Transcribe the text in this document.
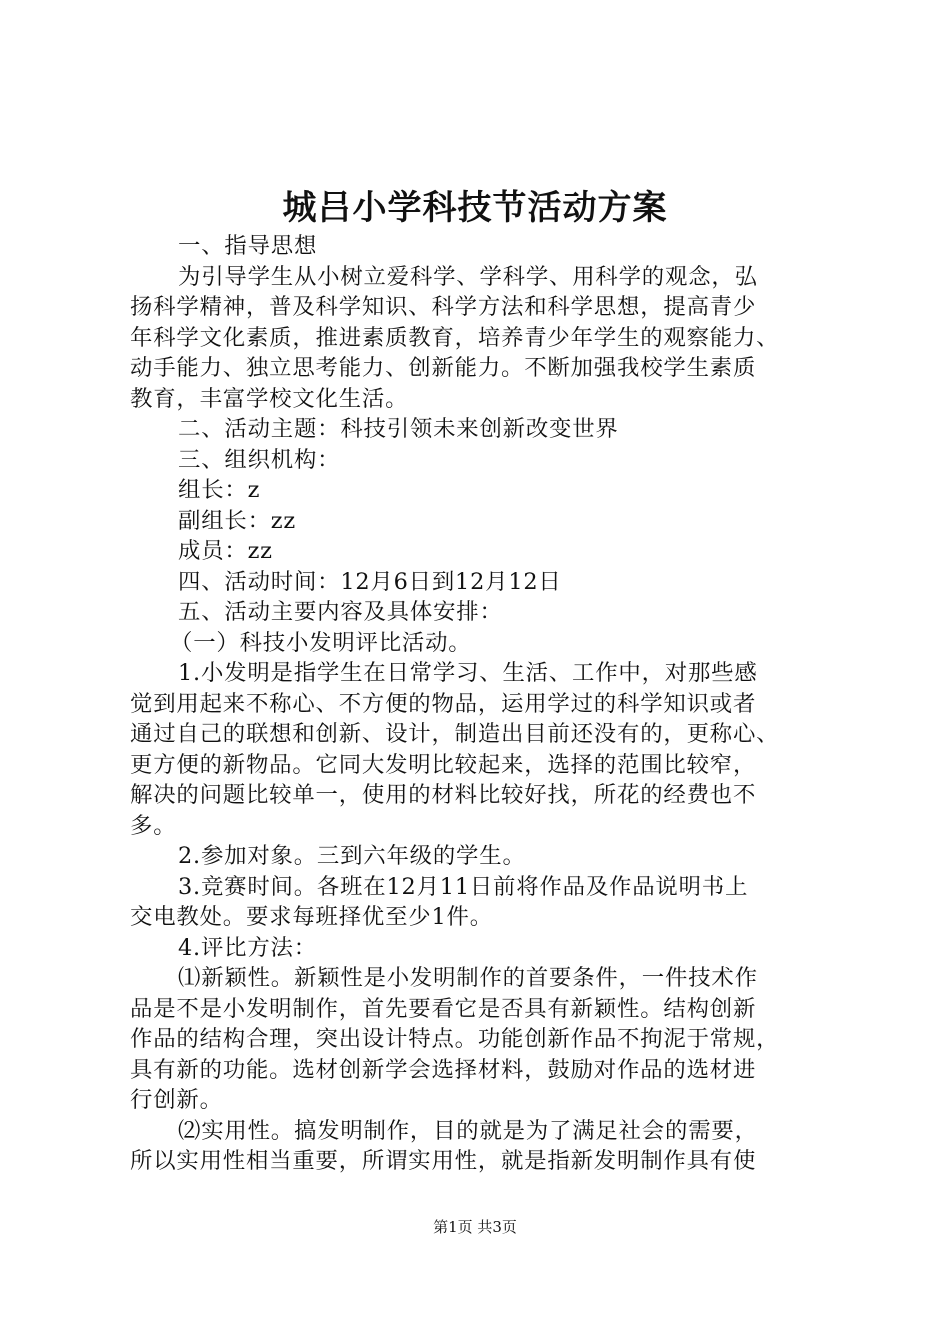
城吕小学科技节活动方案

一、指导思想

为引导学生从小树立爱科学、学科学、用科学的观念，弘

扬科学精神，普及科学知识、科学方法和科学思想，提高青少

年科学文化素质，推进素质教育，培养青少年学生的观察能力、

动手能力、独立思考能力、创新能力。不断加强我校学生素质

教育，丰富学校文化生活。

二、活动主题：科技引领未来创新改变世界

三、组织机构：

组长：z

副组长：zz

成员：zz

四、活动时间：12月6日到12月12日

五、活动主要内容及具体安排：

（一）科技小发明评比活动。

1.小发明是指学生在日常学习、生活、工作中，对那些感

觉到用起来不称心、不方便的物品，运用学过的科学知识或者

通过自己的联想和创新、设计，制造出目前还没有的，更称心、

更方便的新物品。它同大发明比较起来，选择的范围比较窄，

解决的问题比较单一，使用的材料比较好找，所花的经费也不

多。

2.参加对象。三到六年级的学生。

3.竞赛时间。各班在12月11日前将作品及作品说明书上

交电教处。要求每班择优至少1件。

4.评比方法：

⑴新颖性。新颖性是小发明制作的首要条件，一件技术作

品是不是小发明制作，首先要看它是否具有新颖性。结构创新

作品的结构合理，突出设计特点。功能创新作品不拘泥于常规，

具有新的功能。选材创新学会选择材料，鼓励对作品的选材进

行创新。

⑵实用性。搞发明制作，目的就是为了满足社会的需要，

所以实用性相当重要，所谓实用性，就是指新发明制作具有使

第1页 共3页
